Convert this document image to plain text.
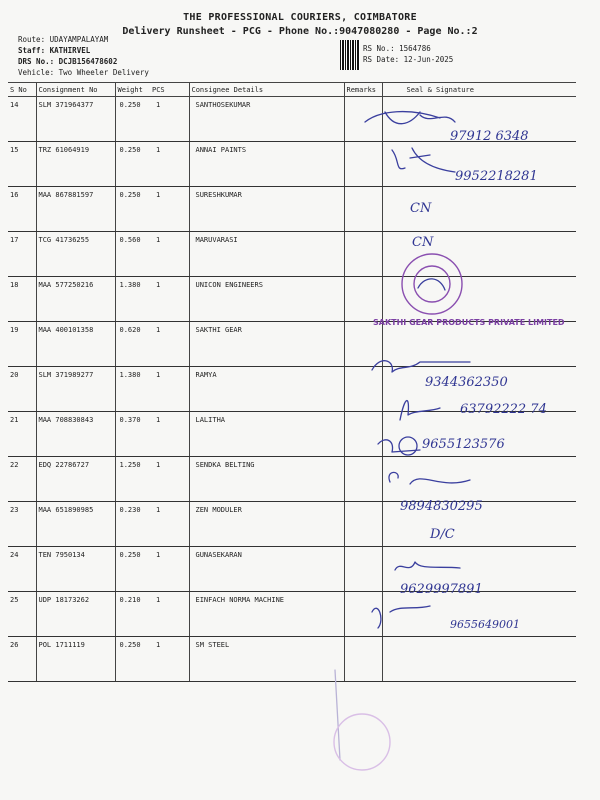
THE PROFESSIONAL COURIERS, COIMBATORE
Delivery Runsheet - PCG - Phone No.:9047080280 - Page No.:2
Route: UDAYAMPALAYAM
Staff: KATHIRVEL
DRS No.: DCJB156478602
Vehicle: Two Wheeler Delivery
RS No.: 1564786
RS Date: 12-Jun-2025
S No	Consignment No	Weight	PCS	Consignee Details	Remarks	Seal & Signature
14	SLM 371964377	0.250	1	SANTHOSEKUMAR		
15	TRZ 61064919	0.250	1	ANNAI PAINTS		
16	MAA 867881597	0.250	1	SURESHKUMAR		
17	TCG 41736255	0.560	1	MARUVARASI		
18	MAA 577250216	1.380	1	UNICON ENGINEERS		
19	MAA 400101358	0.620	1	SAKTHI GEAR		
20	SLM 371989277	1.380	1	RAMYA		
21	MAA 708830843	0.370	1	LALITHA		
22	EDQ 22786727	1.250	1	SENDKA BELTING		
23	MAA 651890985	0.230	1	ZEN MODULER		
24	TEN 7950134	0.250	1	GUNASEKARAN		
25	UDP 18173262	0.210	1	EINFACH NORMA MACHINE		
26	POL 1711119	0.250	1	SM STEEL		
97912 6348
9952218281
CN
CN
SAKTHI GEAR PRODUCTS PRIVATE LIMITED
9344362350
63792222 74
9655123576
9894830295
D/C
9629997891
9655649001
